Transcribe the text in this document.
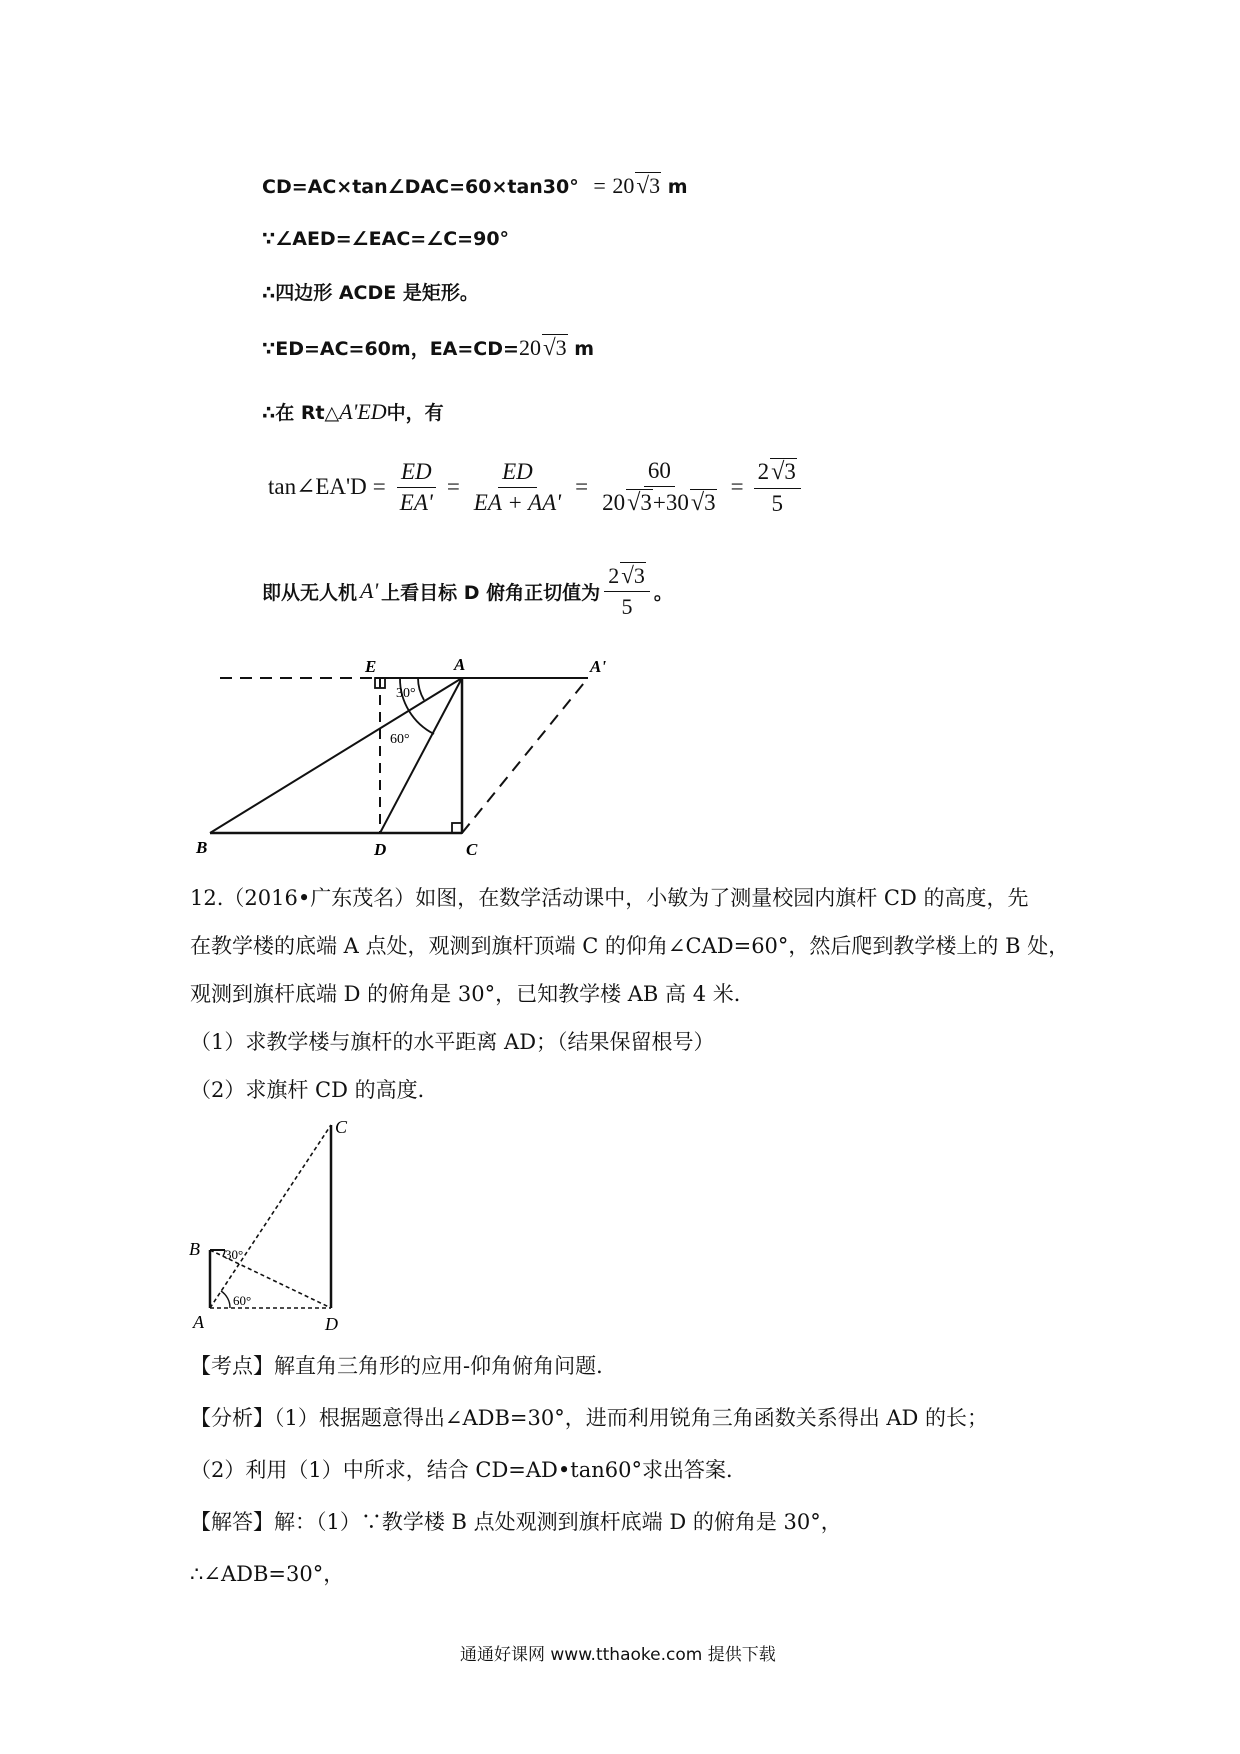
CD=AC×tan∠DAC=60×tan30° = 20√3 m
∵∠AED=∠EAC=∠C=90°
∴四边形 ACDE 是矩形。
∵ED=AC=60m，EA=CD=20√3 m
∴在 Rt△A'ED中，有
tan∠EA'D = $\frac{ED}{EA'} = \frac{ED}{EA + AA'} = \frac{60}{20√3+30√3} = \frac{2√3}{5}$
即从无人机 A' 上看目标 D 俯角正切值为 $\frac{2√3}{5}$ 。
E	A	A'
B	D	C
30°
60°
12.（2016•广东茂名）如图，在数学活动课中，小敏为了测量校园内旗杆 CD 的高度，先
在教学楼的底端 A 点处，观测到旗杆顶端 C 的仰角∠CAD=60°，然后爬到教学楼上的 B 处，
观测到旗杆底端 D 的俯角是 30°，已知教学楼 AB 高 4 米．
（1）求教学楼与旗杆的水平距离 AD；（结果保留根号）
（2）求旗杆 CD 的高度．
C
B
A	D
30°
60°
【考点】解直角三角形的应用-仰角俯角问题．
【分析】（1）根据题意得出∠ADB=30°，进而利用锐角三角函数关系得出 AD 的长；
（2）利用（1）中所求，结合 CD=AD•tan60°求出答案．
【解答】解：（1）∵教学楼 B 点处观测到旗杆底端 D 的俯角是 30°，
∴∠ADB=30°，
通通好课网 www.tthaoke.com 提供下载
